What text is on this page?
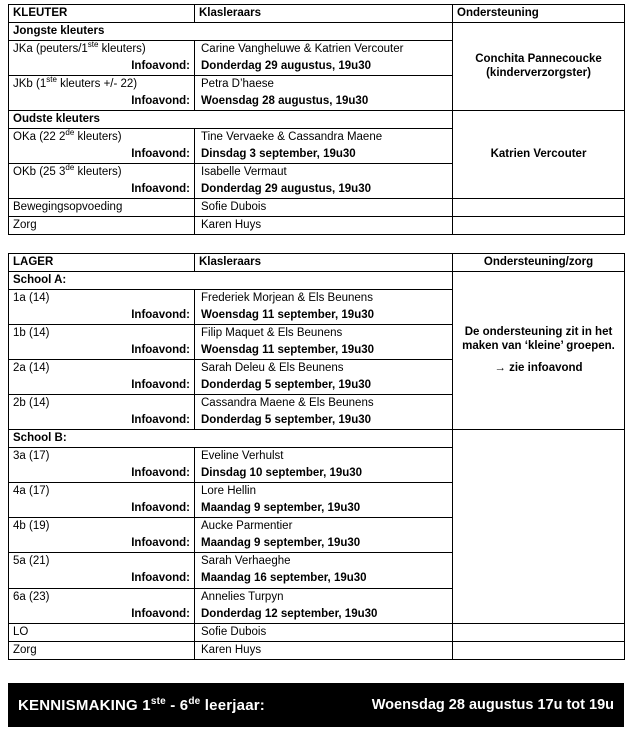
KLEUTER	Klasleraars	Ondersteuning
Jongste kleuters		Conchita Pannecoucke (kinderverzorgster)
JKa (peuters/1ste kleuters)	Carine Vangheluwe & Katrien Vercouter	
Infoavond:	Donderdag 29 augustus, 19u30	
JKb (1ste kleuters +/- 22)	Petra D’haese	
Infoavond:	Woensdag 28 augustus, 19u30	
Oudste kleuters		Katrien Vercouter
OKa (22 2de kleuters)	Tine Vervaeke & Cassandra Maene	
Infoavond:	Dinsdag 3 september, 19u30	
OKb (25 3de kleuters)	Isabelle Vermaut	
Infoavond:	Donderdag 29 augustus, 19u30	
Bewegingsopvoeding	Sofie Dubois	
Zorg	Karen Huys	
LAGER	Klasleraars	Ondersteuning/zorg
School A:		De ondersteuning zit in het maken van ‘kleine’ groepen.
→ zie infoavond

1a (14)	Frederiek Morjean & Els Beunens	
Infoavond:	Woensdag 11 september, 19u30	
1b (14)	Filip Maquet & Els Beunens	
Infoavond:	Woensdag 11 september, 19u30	
2a (14)	Sarah Deleu & Els Beunens	
Infoavond:	Donderdag 5 september, 19u30	
2b (14)	Cassandra Maene & Els Beunens	
Infoavond:	Donderdag 5 september, 19u30	
School B:		
3a (17)	Eveline Verhulst	
Infoavond:	Dinsdag 10 september, 19u30	
4a (17)	Lore Hellin	
Infoavond:	Maandag 9 september, 19u30	
4b (19)	Aucke Parmentier	
Infoavond:	Maandag 9 september, 19u30	
5a (21)	Sarah Verhaeghe	
Infoavond:	Maandag 16 september, 19u30	
6a (23)	Annelies Turpyn	
Infoavond:	Donderdag 12 september, 19u30	
LO	Sofie Dubois	
Zorg	Karen Huys	
KENNISMAKING 1ste - 6de leerjaar:	Woensdag 28 augustus 17u tot 19u
